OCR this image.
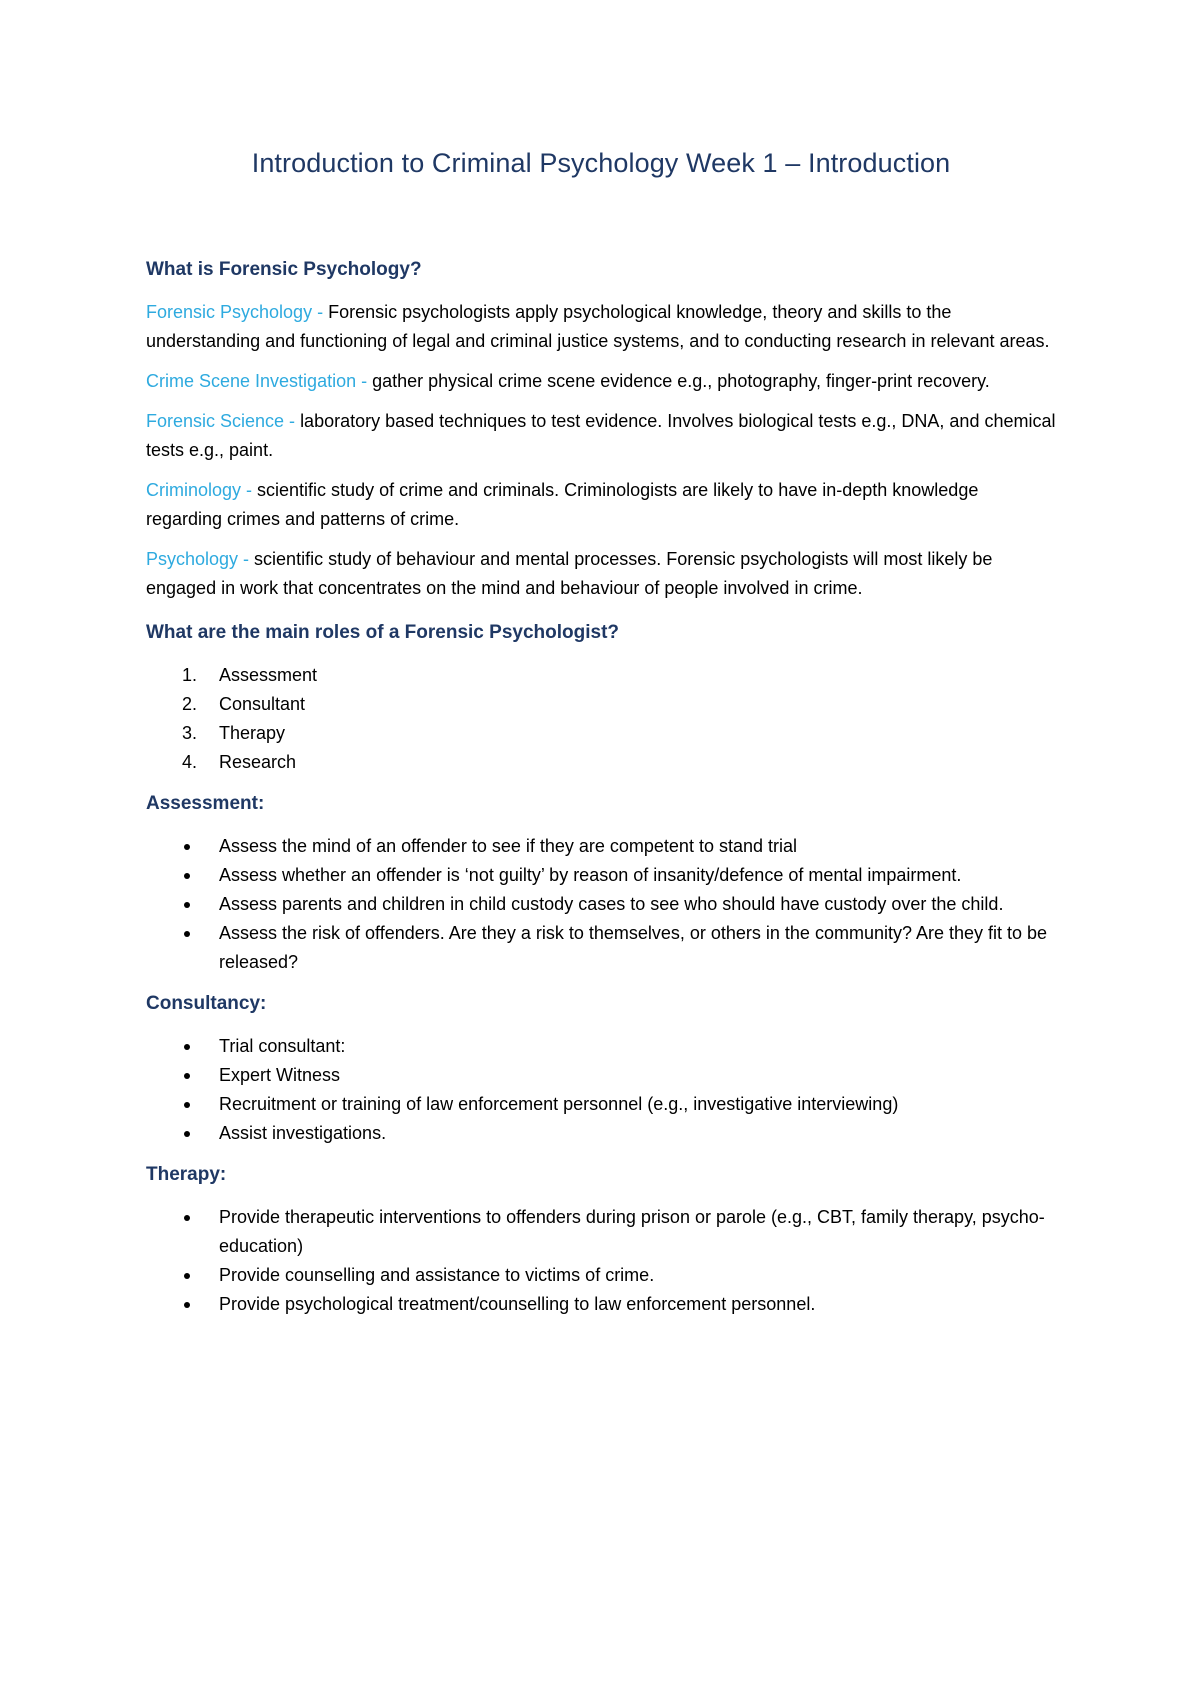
Introduction to Criminal Psychology Week 1 – Introduction
What is Forensic Psychology?

Forensic Psychology - Forensic psychologists apply psychological knowledge, theory and skills to the understanding and functioning of legal and criminal justice systems, and to conducting research in relevant areas.

Crime Scene Investigation - gather physical crime scene evidence e.g., photography, finger-print recovery.

Forensic Science - laboratory based techniques to test evidence. Involves biological tests e.g., DNA, and chemical tests e.g., paint.

Criminology - scientific study of crime and criminals. Criminologists are likely to have in-depth knowledge regarding crimes and patterns of crime.

Psychology - scientific study of behaviour and mental processes. Forensic psychologists will most likely be engaged in work that concentrates on the mind and behaviour of people involved in crime.

What are the main roles of a Forensic Psychologist?
1. Assessment
2. Consultant
3. Therapy
4. Research
Assessment:
Assess the mind of an offender to see if they are competent to stand trial
Assess whether an offender is ‘not guilty’ by reason of insanity/defence of mental impairment.
Assess parents and children in child custody cases to see who should have custody over the child.
Assess the risk of offenders. Are they a risk to themselves, or others in the community? Are they fit to be released?
Consultancy:
Trial consultant:
Expert Witness
Recruitment or training of law enforcement personnel (e.g., investigative interviewing)
Assist investigations.
Therapy:
Provide therapeutic interventions to offenders during prison or parole (e.g., CBT, family therapy, psycho-education)
Provide counselling and assistance to victims of crime.
Provide psychological treatment/counselling to law enforcement personnel.
